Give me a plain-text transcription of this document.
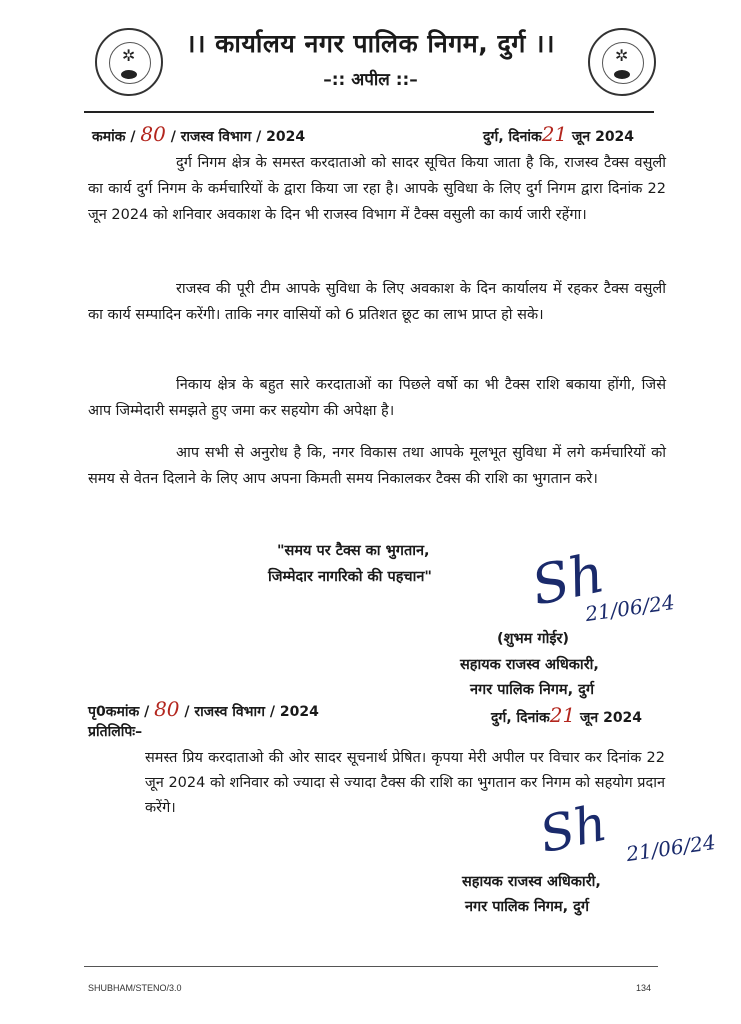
✲	✲
।। कार्यालय नगर पालिक निगम, दुर्ग ।।
–:: अपील ::–
कमांक / 80 / राजस्व विभाग / 2024	दुर्ग, दिनांक21 जून 2024

दुर्ग निगम क्षेत्र के समस्त करदाताओ को सादर सूचित किया जाता है कि, राजस्व टैक्स वसुली का कार्य दुर्ग निगम के कर्मचारियों के द्वारा किया जा रहा है। आपके सुविधा के लिए दुर्ग निगम द्वारा दिनांक 22 जून 2024 को शनिवार अवकाश के दिन भी राजस्व विभाग में टैक्स वसुली का कार्य जारी रहेंगा।

राजस्व की पूरी टीम आपके सुविधा के लिए अवकाश के दिन कार्यालय में रहकर टैक्स वसुली का कार्य सम्पादिन करेंगी। ताकि नगर वासियों को 6 प्रतिशत छूट का लाभ प्राप्त हो सके।

निकाय क्षेत्र के बहुत सारे करदाताओं का पिछले वर्षो का भी टैक्स राशि बकाया होंगी, जिसे आप जिम्मेदारी समझते हुए जमा कर सहयोग की अपेक्षा है।

आप सभी से अनुरोध है कि, नगर विकास तथा आपके मूलभूत सुविधा में लगे कर्मचारियों को समय से वेतन दिलाने के लिए आप अपना किमती समय निकालकर टैक्स की राशि का भुगतान करे।

"समय पर टैक्स का भुगतान,
जिम्मेदार नागरिको की पहचान" Sh
21/06/24
(शुभम गोईर)
सहायक राजस्व अधिकारी,
नगर पालिक निगम, दुर्ग
पृ0कमांक / 80 / राजस्व विभाग / 2024	दुर्ग, दिनांक21 जून 2024
प्रतिलिपिः–

समस्त प्रिय करदाताओ की ओर सादर सूचनार्थ प्रेषित। कृपया मेरी अपील पर विचार कर दिनांक 22 जून 2024 को शनिवार को ज्यादा से ज्यादा टैक्स की राशि का भुगतान कर निगम को सहयोग प्रदान करेंगे।	Sh 21/06/24
सहायक राजस्व अधिकारी,
नगर पालिक निगम, दुर्ग
SHUBHAM/STENO/3.0	134
